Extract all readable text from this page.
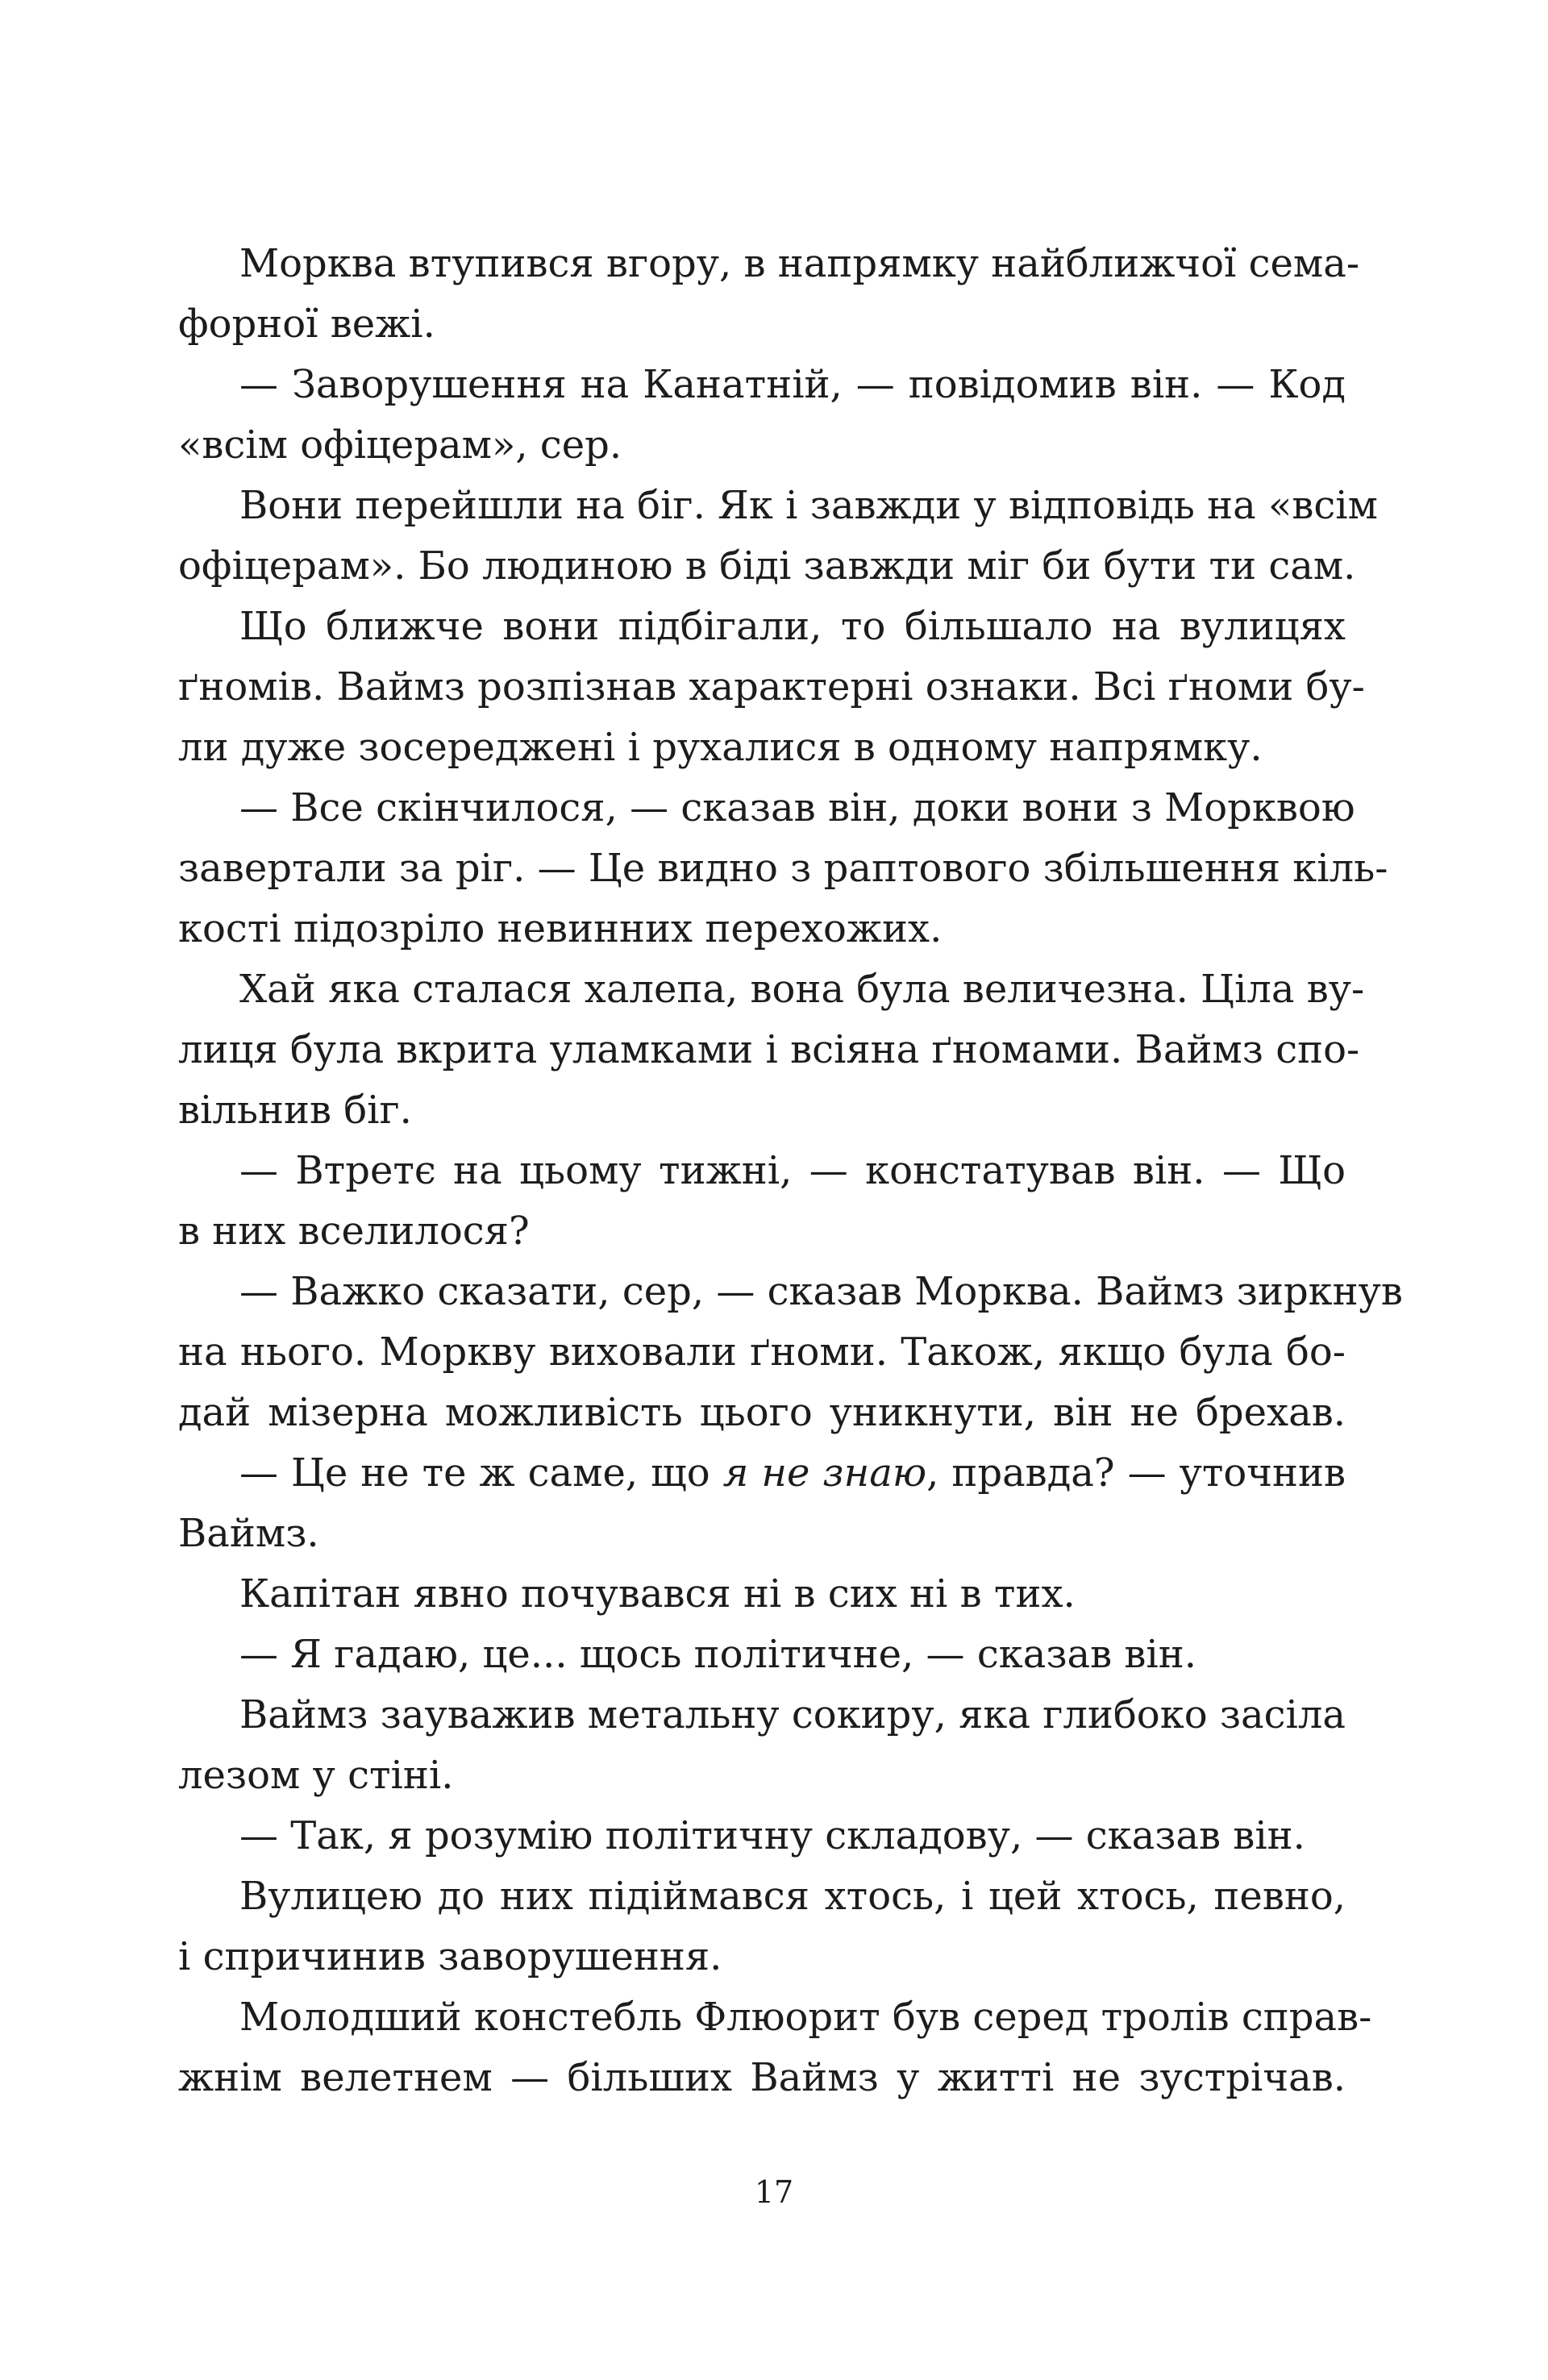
Морква втупився вгору, в напрямку найближчої сема-
форної вежі.
— Заворушення на Канатній, — повідомив він. — Код
«всім офіцерам», сер.
Вони перейшли на біг. Як і завжди у відповідь на «всім
офіцерам». Бо людиною в біді завжди міг би бути ти сам.
Що ближче вони підбігали, то більшало на вулицях
ґномів. Ваймз розпізнав характерні ознаки. Всі ґноми бу-
ли дуже зосереджені і рухалися в одному напрямку.
— Все скінчилося, — сказав він, доки вони з Морквою
завертали за ріг. — Це видно з раптового збільшення кіль-
кості підозріло невинних перехожих.
Хай яка сталася халепа, вона була величезна. Ціла ву-
лиця була вкрита уламками і всіяна ґномами. Ваймз спо-
вільнив біг.
— Втретє на цьому тижні, — констатував він. — Що
в них вселилося?
— Важко сказати, сер, — сказав Морква. Ваймз зиркнув
на нього. Моркву виховали ґноми. Також, якщо була бо-
дай мізерна можливість цього уникнути, він не брехав.
— Це не те ж саме, що я не знаю, правда? — уточнив
Ваймз.
Капітан явно почувався ні в сих ні в тих.
— Я гадаю, це... щось політичне, — сказав він.
Ваймз зауважив метальну сокиру, яка глибоко засіла
лезом у стіні.
— Так, я розумію політичну складову, — сказав він.
Вулицею до них підіймався хтось, і цей хтось, певно,
і спричинив заворушення.
Молодший констебль Флюорит був серед тролів справ-
жнім велетнем — більших Ваймз у житті не зустрічав.
17
